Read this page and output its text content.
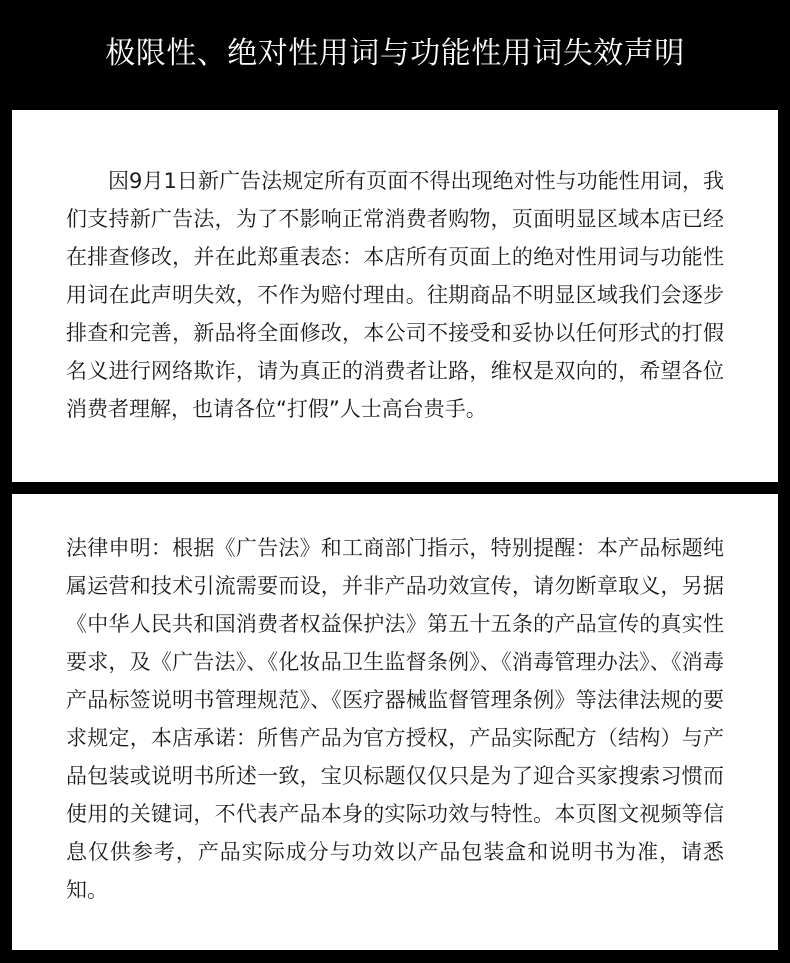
极限性、绝对性用词与功能性用词失效声明

因9月1日新广告法规定所有页面不得出现绝对性与功能性用词，我们支持新广告法，为了不影响正常消费者购物，页面明显区域本店已经在排查修改，并在此郑重表态：本店所有页面上的绝对性用词与功能性用词在此声明失效，不作为赔付理由。往期商品不明显区域我们会逐步排查和完善，新品将全面修改，本公司不接受和妥协以任何形式的打假名义进行网络欺诈，请为真正的消费者让路，维权是双向的，希望各位消费者理解，也请各位“打假”人士高台贵手。

法律申明：根据《广告法》和工商部门指示，特别提醒：本产品标题纯属运营和技术引流需要而设，并非产品功效宣传，请勿断章取义，另据《中华人民共和国消费者权益保护法》第五十五条的产品宣传的真实性要求，及《广告法》、《化妆品卫生监督条例》、《消毒管理办法》、《消毒产品标签说明书管理规范》、《医疗器械监督管理条例》等法律法规的要求规定，本店承诺：所售产品为官方授权，产品实际配方（结构）与产品包装或说明书所述一致，宝贝标题仅仅只是为了迎合买家搜索习惯而使用的关键词，不代表产品本身的实际功效与特性。本页图文视频等信息仅供参考，产品实际成分与功效以产品包装盒和说明书为准，请悉知。
